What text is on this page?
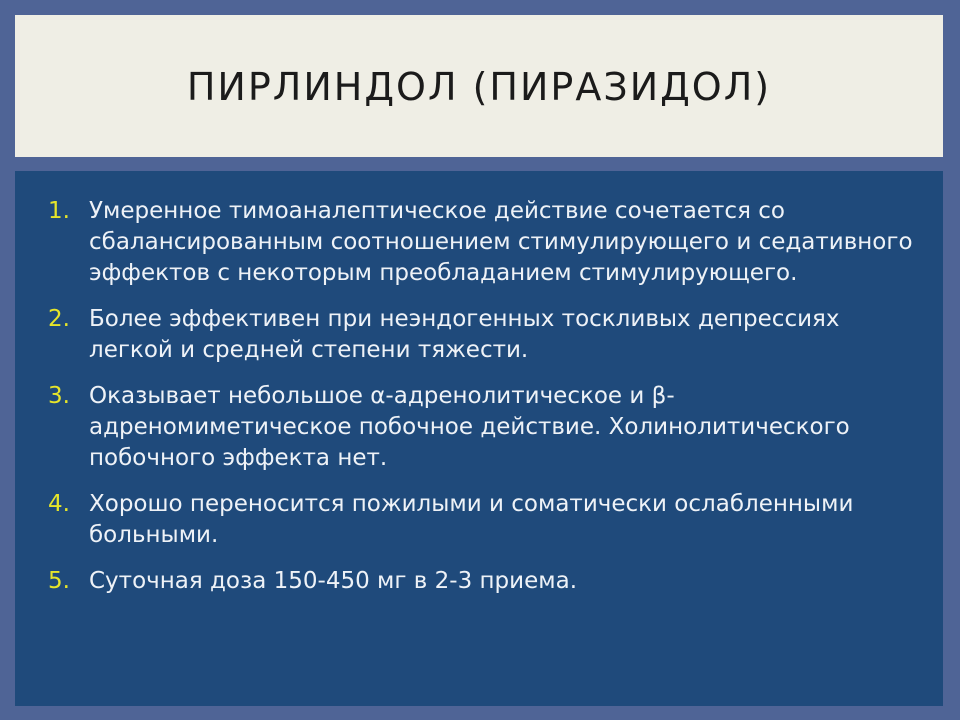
ПИРЛИНДОЛ (ПИРАЗИДОЛ)
1. Умеренное тимоаналептическое действие сочетается со сбалансированным соотношением стимулирующего и седативного эффектов с некоторым преобладанием стимулирующего.
2. Более эффективен при неэндогенных тоскливых депрессиях легкой и средней степени тяжести.
3. Оказывает небольшое α-адренолитическое и β-адреномиметическое побочное действие. Холинолитического побочного эффекта нет.
4. Хорошо переносится пожилыми и соматически ослабленными больными.
5. Суточная доза 150-450 мг в 2-3 приема.
